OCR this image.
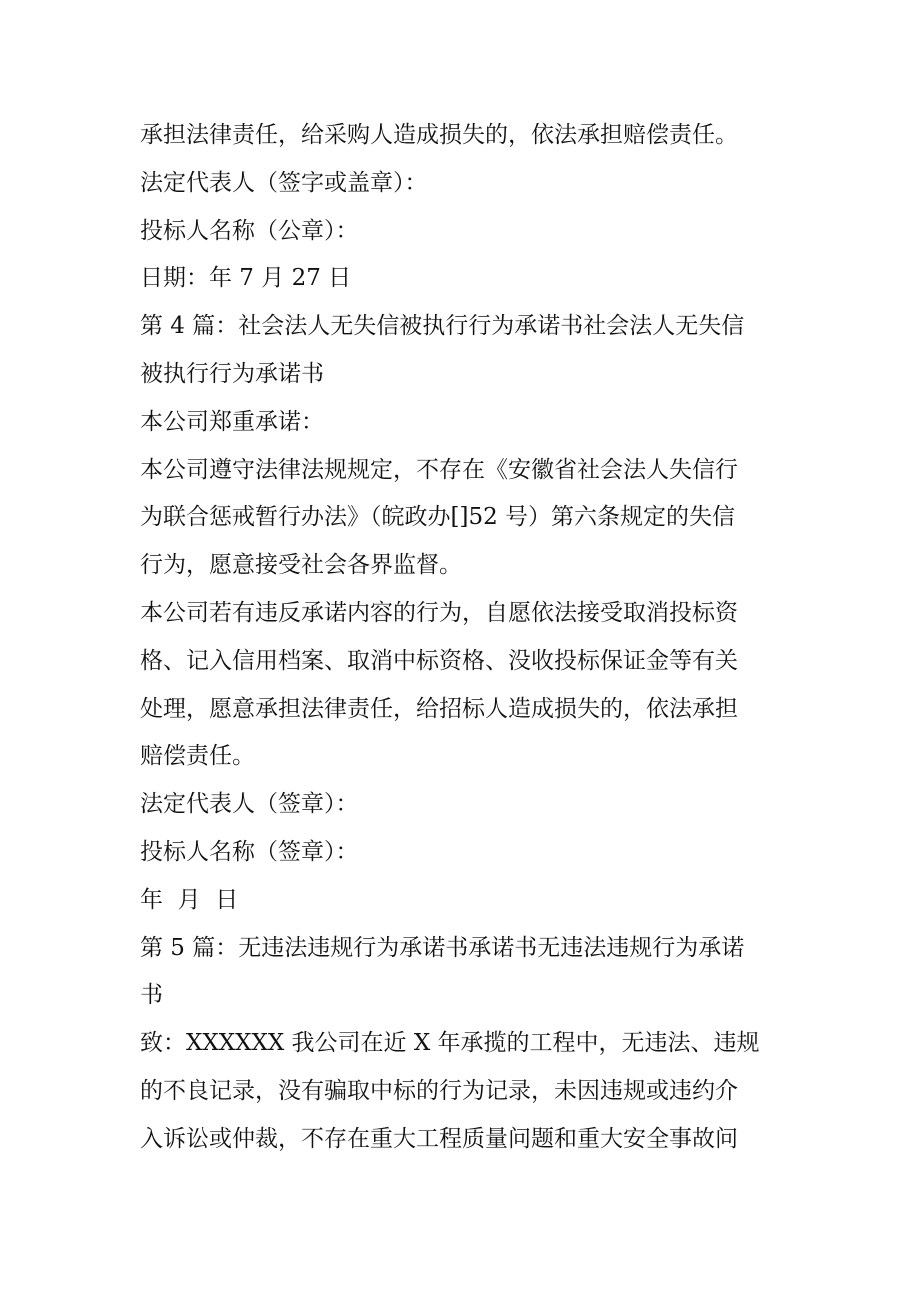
承担法律责任，给采购人造成损失的，依法承担赔偿责任。
法定代表人（签字或盖章）：
投标人名称（公章）：
日期：年 7 月 27 日
第 4 篇：社会法人无失信被执行行为承诺书社会法人无失信
被执行行为承诺书
本公司郑重承诺：
本公司遵守法律法规规定，不存在《安徽省社会法人失信行
为联合惩戒暂行办法》（皖政办[]52 号）第六条规定的失信
行为，愿意接受社会各界监督。
本公司若有违反承诺内容的行为，自愿依法接受取消投标资
格、记入信用档案、取消中标资格、没收投标保证金等有关
处理，愿意承担法律责任，给招标人造成损失的，依法承担
赔偿责任。
法定代表人（签章）：
投标人名称（签章）：
年  月  日
第 5 篇：无违法违规行为承诺书承诺书无违法违规行为承诺
书
致：XXXXXX 我公司在近 X 年承揽的工程中，无违法、违规
的不良记录，没有骗取中标的行为记录，未因违规或违约介
入诉讼或仲裁，不存在重大工程质量问题和重大安全事故问
